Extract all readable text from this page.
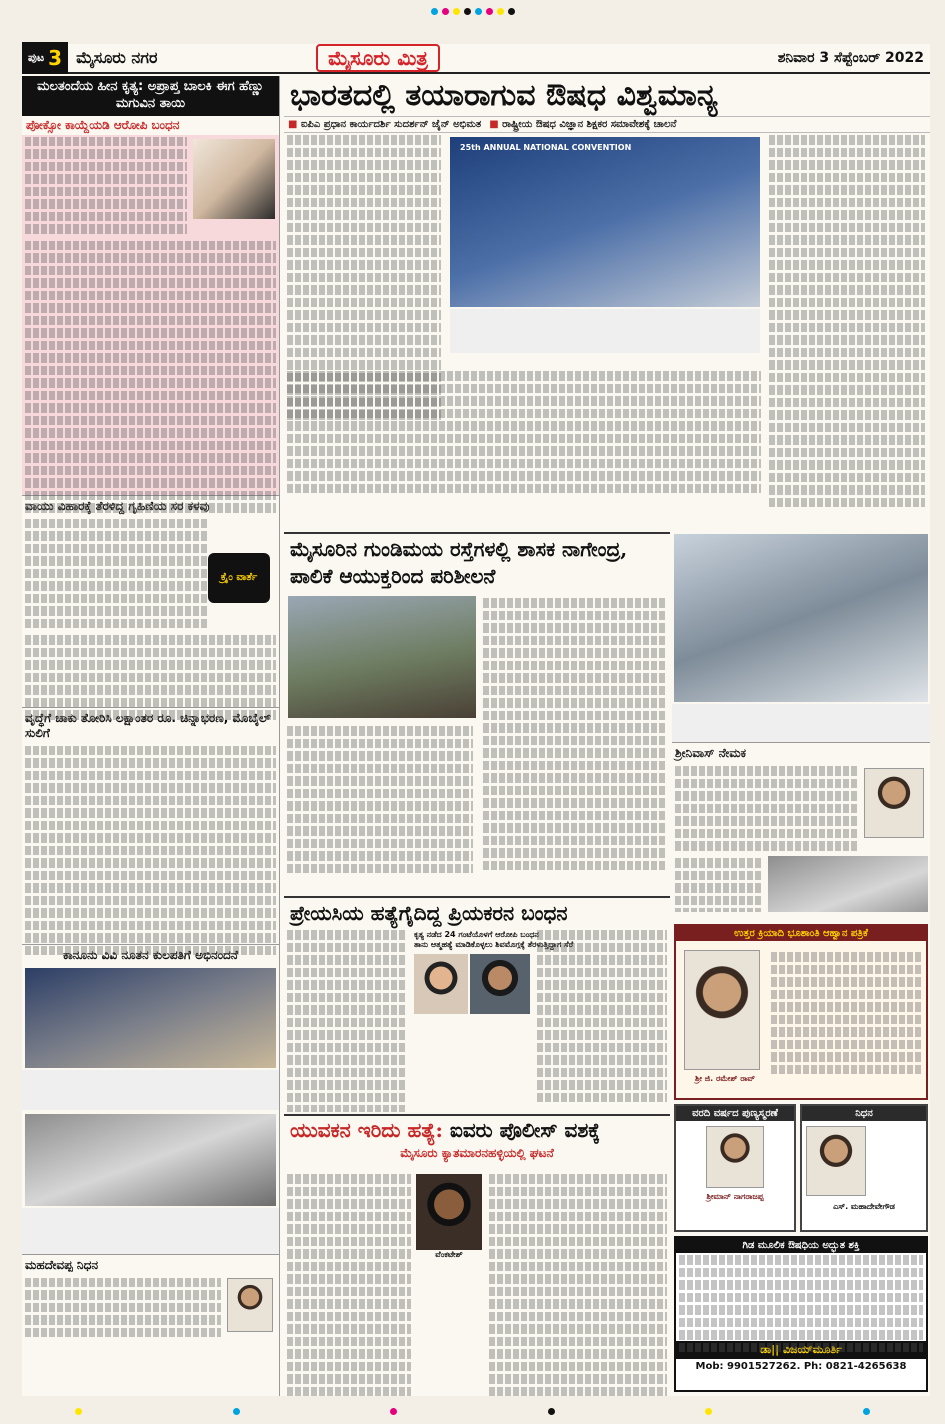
ಪುಟ 3 ಮೈಸೂರು ನಗರ	ಮೈಸೂರು ಮಿತ್ರ	ಶನಿವಾರ 3 ಸೆಪ್ಟೆಂಬರ್ 2022
ಮಲತಂದೆಯ ಹೀನ ಕೃತ್ಯ: ಅಪ್ರಾಪ್ತ ಬಾಲಕಿ ಈಗ ಹೆಣ್ಣು ಮಗುವಿನ ತಾಯಿ
ಪೋಕ್ಸೋ ಕಾಯ್ದೆಯಡಿ ಆರೋಪಿ ಬಂಧನ
ವಾಯು ವಿಹಾರಕ್ಕೆ ತೆರಳಿದ್ದ ಗೃಹಿಣಿಯ ಸರ ಕಳವು
ಕ್ರೈಂ ವಾರ್ತೆ
ವೃದ್ಧೆಗೆ ಚಾಕು ತೋರಿಸಿ ಲಕ್ಷಾಂತರ ರೂ. ಚಿನ್ನಾಭರಣ, ಮೊಬೈಲ್ ಸುಲಿಗೆ
ಕಾನೂನು ವಿವಿ ನೂತನ ಕುಲಪತಿಗೆ ಅಭಿನಂದನೆ
ಮಹದೇವಪ್ಪ ನಿಧನ
ಭಾರತದಲ್ಲಿ ತಯಾರಾಗುವ ಔಷಧ ವಿಶ್ವಮಾನ್ಯ
■ ಐಪಿಎ ಪ್ರಧಾನ ಕಾರ್ಯದರ್ಶಿ ಸುದರ್ಶನ್ ಜೈನ್ ಅಭಿಮತ
■	ರಾಷ್ಟ್ರೀಯ ಔಷಧ ವಿಜ್ಞಾನ ಶಿಕ್ಷಕರ ಸಮಾವೇಶಕ್ಕೆ ಚಾಲನೆ
25th ANNUAL NATIONAL CONVENTION
ಮೈಸೂರಿನ ಗುಂಡಿಮಯ ರಸ್ತೆಗಳಲ್ಲಿ ಶಾಸಕ ನಾಗೇಂದ್ರ, ಪಾಲಿಕೆ ಆಯುಕ್ತರಿಂದ ಪರಿಶೀಲನೆ
ಶ್ರೀನಿವಾಸ್ ನೇಮಕ
ಪ್ರೇಯಸಿಯ ಹತ್ಯೆಗೈದಿದ್ದ ಪ್ರಿಯಕರನ ಬಂಧನ
ಕೃತ್ಯ ನಡೆದ 24 ಗಂಟೆಯೊಳಗೆ ಆರೋಪಿ ಬಂಧನ
ತಾನು ಆತ್ಮಹತ್ಯೆ ಮಾಡಿಕೊಳ್ಳಲು ಶಿವಮೊಗ್ಗಕ್ಕೆ ತೆರಳುತ್ತಿದ್ದಾಗ ಸೆರೆ
ಯುವಕನ ಇರಿದು ಹತ್ಯೆ: ಐವರು ಪೊಲೀಸ್ ವಶಕ್ಕೆ
ಮೈಸೂರು ಕ್ಯಾತಮಾರನಹಳ್ಳಿಯಲ್ಲಿ ಘಟನೆ
ವೆಂಕಟೇಶ್
ಉತ್ತರ ಕ್ರಿಯಾದಿ ಭೂಶಾಂತಿ ಆಹ್ವಾನ ಪತ್ರಿಕೆ
ಶ್ರೀ ಜಿ. ರಮೇಶ್ ರಾವ್
ವರದಿ ವರ್ಷದ ಪುಣ್ಯಸ್ಮರಣೆ
ಶ್ರೀಮಾನ್ ನಾಗರಾಜಪ್ಪ
ನಿಧನ
ಎಸ್. ಮಹಾದೇವೇಗೌಡ
ಗಿಡ ಮೂಲಿಕ ಔಷಧಿಯ ಅದ್ಭುತ ಶಕ್ತಿ
ಡಾ|| ವಿಜಯ್‌ಮೂರ್ತಿ
Mob: 9901527262. Ph: 0821-4265638
